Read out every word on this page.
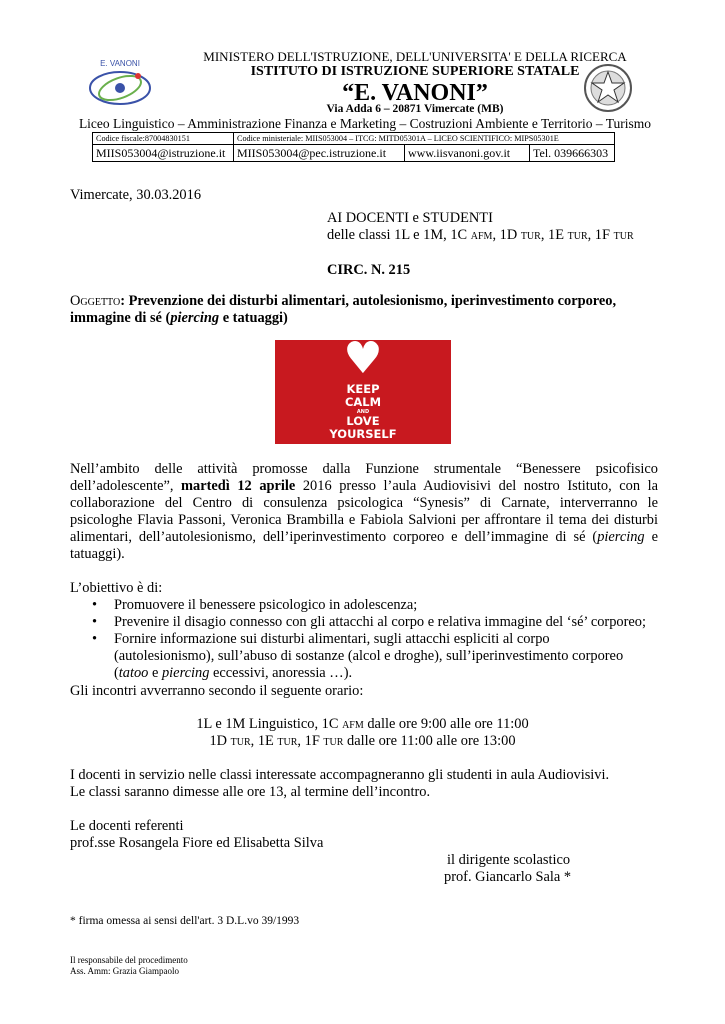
E. VANONI	MINISTERO DELL'ISTRUZIONE, DELL'UNIVERSITA' E DELLA RICERCA
ISTITUTO DI ISTRUZIONE SUPERIORE STATALE
“E. VANONI”
Via Adda 6 – 20871 Vimercate (MB)
Liceo Linguistico – Amministrazione Finanza e Marketing – Costruzioni Ambiente e Territorio – Turismo
Codice fiscale:87004830151	Codice ministeriale: MIIS053004 – ITCG: MITD05301A – LICEO SCIENTIFICO: MIPS05301E		
MIIS053004@istruzione.it	MIIS053004@pec.istruzione.it	www.iisvanoni.gov.it	Tel. 039666303
Vimercate, 30.03.2016
AI DOCENTI e STUDENTI
delle classi 1L e 1M, 1C AFM, 1D TUR, 1E TUR, 1F TUR
CIRC. N. 215
Oggetto: Prevenzione dei disturbi alimentari, autolesionismo, iperinvestimento corporeo,
immagine di sé (piercing e tatuaggi)
♥
KEEP
CALM
AND
LOVE
YOURSELF
Nell’ambito delle attività promosse dalla Funzione strumentale “Benessere psicofisico dell’adolescente”, martedì 12 aprile 2016 presso l’aula Audiovisivi del nostro Istituto, con la collaborazione del Centro di consulenza psicologica “Synesis” di Carnate, interverranno le psicologhe Flavia Passoni, Veronica Brambilla e Fabiola Salvioni per affrontare il tema dei disturbi alimentari, dell’autolesionismo, dell’iperinvestimento corporeo e dell’immagine di sé (piercing e tatuaggi).
L’obiettivo è di:
• Promuovere il benessere psicologico in adolescenza;
• Prevenire il disagio connesso con gli attacchi al corpo e relativa immagine del ‘sé’ corporeo;
• Fornire informazione sui disturbi alimentari, sugli attacchi espliciti al corpo (autolesionismo), sull’abuso di sostanze (alcol e droghe), sull’iperinvestimento corporeo (tatoo e piercing eccessivi, anoressia …).
Gli incontri avverranno secondo il seguente orario:
1L e 1M Linguistico, 1C AFM dalle ore 9:00 alle ore 11:00
1D TUR, 1E TUR, 1F TUR dalle ore 11:00 alle ore 13:00
I docenti in servizio nelle classi interessate accompagneranno gli studenti in aula Audiovisivi.
Le classi saranno dimesse alle ore 13, al termine dell’incontro.
Le docenti referenti
prof.sse Rosangela Fiore ed Elisabetta Silva
il dirigente scolastico
prof. Giancarlo Sala *
* firma omessa ai sensi dell'art. 3 D.L.vo 39/1993
Il responsabile del procedimento
Ass. Amm: Grazia Giampaolo
